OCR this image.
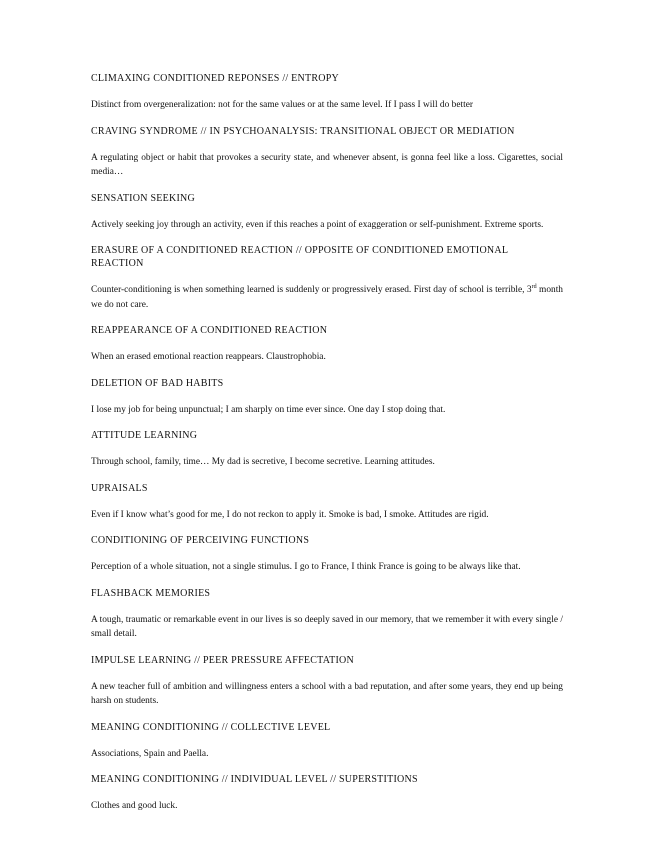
CLIMAXING CONDITIONED REPONSES // ENTROPY

Distinct from overgeneralization: not for the same values or at the same level. If I pass I will do better

CRAVING SYNDROME // IN PSYCHOANALYSIS: TRANSITIONAL OBJECT OR MEDIATION

A regulating object or habit that provokes a security state, and whenever absent, is gonna feel like a loss. Cigarettes, social media…

SENSATION SEEKING

Actively seeking joy through an activity, even if this reaches a point of exaggeration or self-punishment. Extreme sports.

ERASURE OF A CONDITIONED REACTION // OPPOSITE OF CONDITIONED EMOTIONAL REACTION

Counter-conditioning is when something learned is suddenly or progressively erased. First day of school is terrible, 3rd month we do not care.

REAPPEARANCE OF A CONDITIONED REACTION

When an erased emotional reaction reappears. Claustrophobia.

DELETION OF BAD HABITS

I lose my job for being unpunctual; I am sharply on time ever since. One day I stop doing that.

ATTITUDE LEARNING

Through school, family, time… My dad is secretive, I become secretive. Learning attitudes.

UPRAISALS

Even if I know what’s good for me, I do not reckon to apply it. Smoke is bad, I smoke. Attitudes are rigid.

CONDITIONING OF PERCEIVING FUNCTIONS

Perception of a whole situation, not a single stimulus. I go to France, I think France is going to be always like that.

FLASHBACK MEMORIES

A tough, traumatic or remarkable event in our lives is so deeply saved in our memory, that we remember it with every single / small detail.

IMPULSE LEARNING // PEER PRESSURE AFFECTATION

A new teacher full of ambition and willingness enters a school with a bad reputation, and after some years, they end up being harsh on students.

MEANING CONDITIONING // COLLECTIVE LEVEL

Associations, Spain and Paella.

MEANING CONDITIONING // INDIVIDUAL LEVEL // SUPERSTITIONS

Clothes and good luck.
